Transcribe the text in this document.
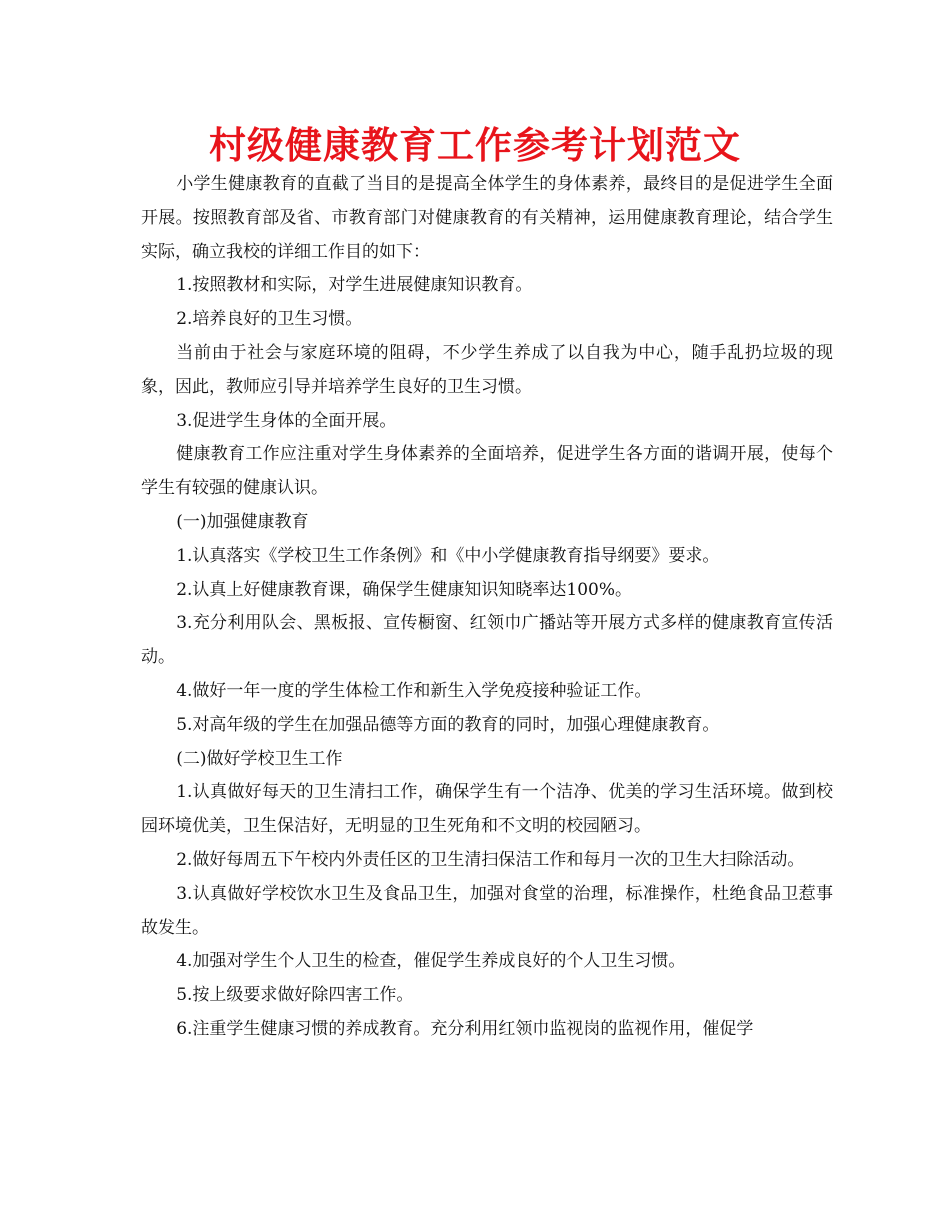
村级健康教育工作参考计划范文

小学生健康教育的直截了当目的是提高全体学生的身体素养，最终目的是促进学生全面开展。按照教育部及省、市教育部门对健康教育的有关精神，运用健康教育理论，结合学生实际，确立我校的详细工作目的如下：

1.按照教材和实际，对学生进展健康知识教育。

2.培养良好的卫生习惯。

当前由于社会与家庭环境的阻碍，不少学生养成了以自我为中心，随手乱扔垃圾的现象，因此，教师应引导并培养学生良好的卫生习惯。

3.促进学生身体的全面开展。

健康教育工作应注重对学生身体素养的全面培养，促进学生各方面的谐调开展，使每个学生有较强的健康认识。

(一)加强健康教育

1.认真落实《学校卫生工作条例》和《中小学健康教育指导纲要》要求。

2.认真上好健康教育课，确保学生健康知识知晓率达100%。

3.充分利用队会、黑板报、宣传橱窗、红领巾广播站等开展方式多样的健康教育宣传活动。

4.做好一年一度的学生体检工作和新生入学免疫接种验证工作。

5.对高年级的学生在加强品德等方面的教育的同时，加强心理健康教育。

(二)做好学校卫生工作

1.认真做好每天的卫生清扫工作，确保学生有一个洁净、优美的学习生活环境。做到校园环境优美，卫生保洁好，无明显的卫生死角和不文明的校园陋习。

2.做好每周五下午校内外责任区的卫生清扫保洁工作和每月一次的卫生大扫除活动。

3.认真做好学校饮水卫生及食品卫生，加强对食堂的治理，标准操作，杜绝食品卫惹事故发生。

4.加强对学生个人卫生的检查，催促学生养成良好的个人卫生习惯。

5.按上级要求做好除四害工作。

6.注重学生健康习惯的养成教育。充分利用红领巾监视岗的监视作用，催促学
